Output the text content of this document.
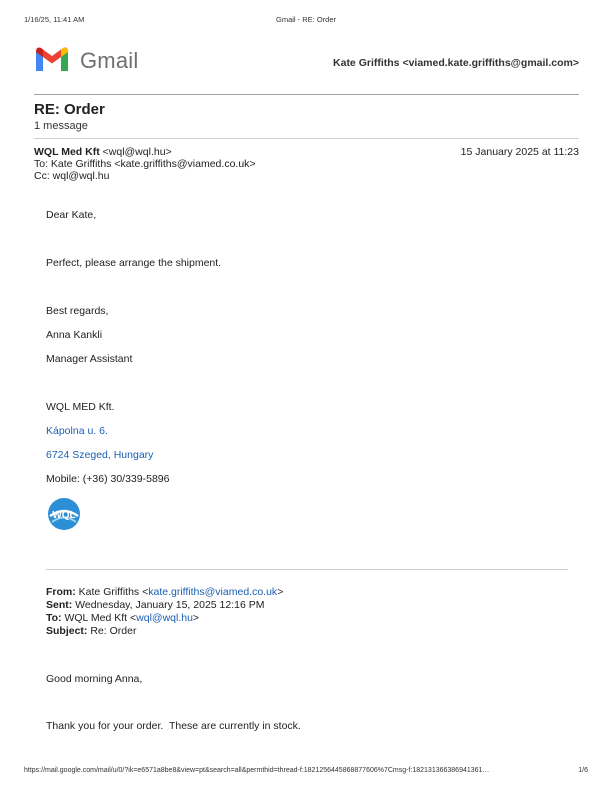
1/16/25, 11:41 AM	Gmail - RE: Order
Gmail	Kate Griffiths <viamed.kate.griffiths@gmail.com>
RE: Order
1 message
WQL Med Kft <wql@wql.hu>	15 January 2025 at 11:23
To: Kate Griffiths <kate.griffiths@viamed.co.uk>
Cc: wql@wql.hu
Dear Kate,
Perfect, please arrange the shipment.
Best regards,
Anna Kankli
Manager Assistant
WQL MED Kft.
Kápolna u. 6.
6724 Szeged, Hungary
Mobile: (+36) 30/339-5896
WQL
From: Kate Griffiths <kate.griffiths@viamed.co.uk>
Sent: Wednesday, January 15, 2025 12:16 PM
To: WQL Med Kft <wql@wql.hu>
Subject: Re: Order
Good morning Anna,
Thank you for your order.  These are currently in stock.
https://mail.google.com/mail/u/0/?ik=e6571a8be8&view=pt&search=all&permthid=thread-f:1821256445868877606%7Cmsg-f:182131366386941361…	1/6
